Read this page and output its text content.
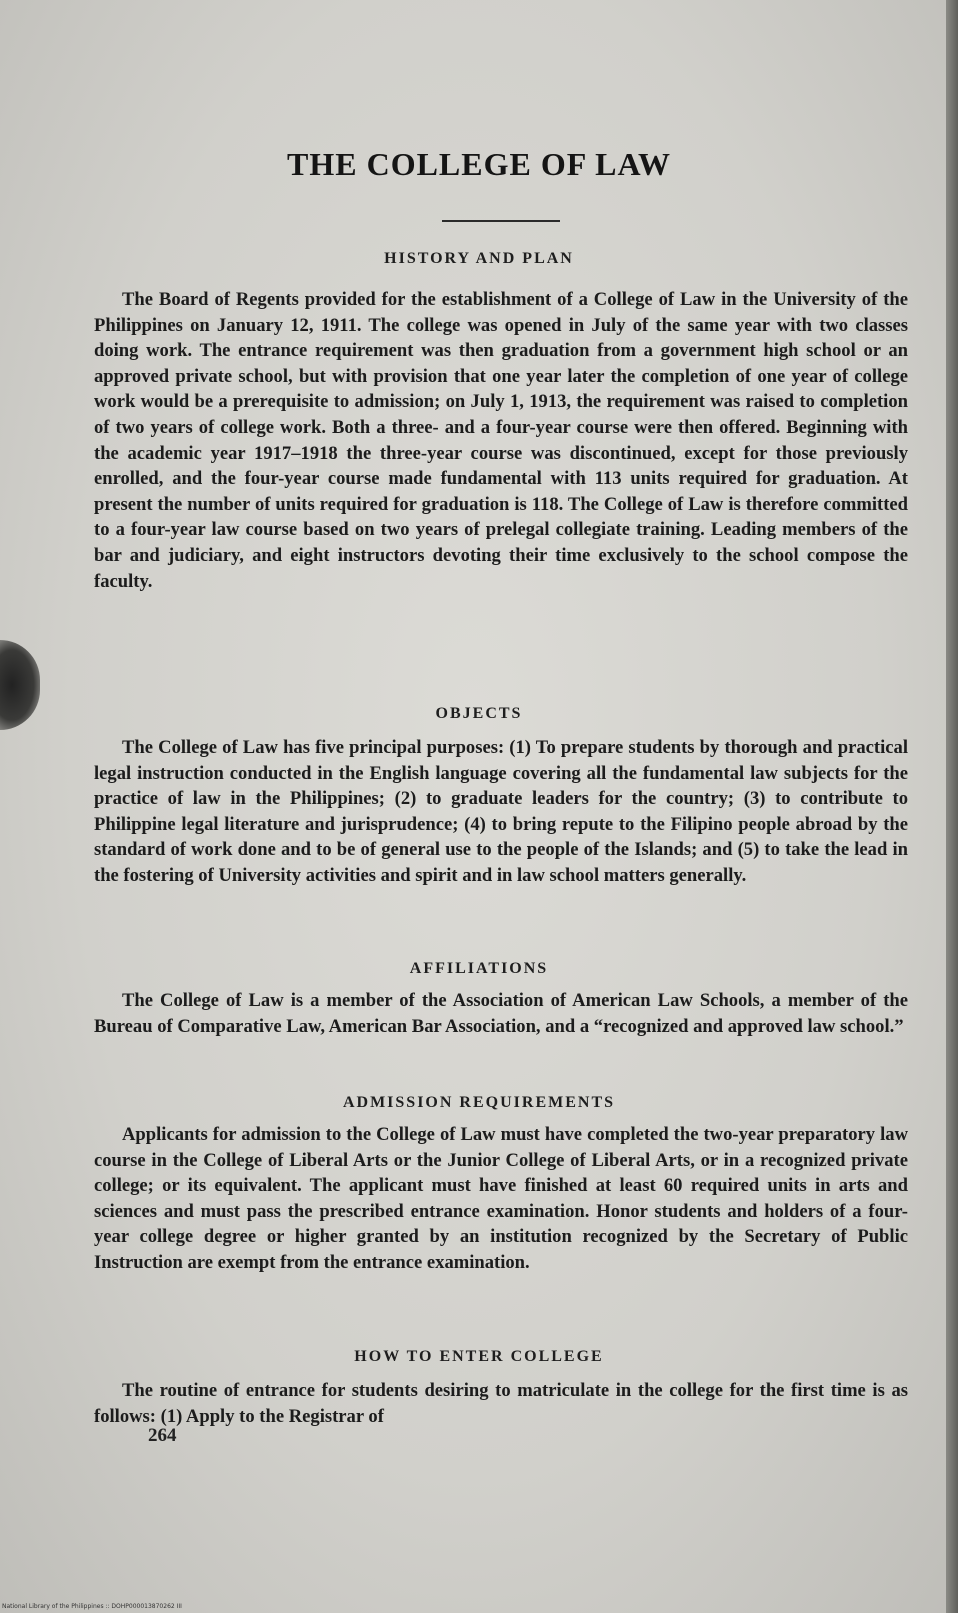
THE COLLEGE OF LAW
HISTORY AND PLAN

The Board of Regents provided for the establishment of a College of Law in the University of the Philippines on January 12, 1911. The college was opened in July of the same year with two classes doing work. The entrance requirement was then graduation from a government high school or an approved private school, but with provision that one year later the completion of one year of college work would be a prerequisite to admission; on July 1, 1913, the requirement was raised to completion of two years of college work. Both a three- and a four-year course were then offered. Beginning with the academic year 1917–1918 the three-year course was discontinued, except for those previously enrolled, and the four-year course made fundamental with 113 units required for graduation. At present the number of units required for graduation is 118. The College of Law is therefore committed to a four-year law course based on two years of prelegal collegiate training. Leading members of the bar and judiciary, and eight instructors devoting their time exclusively to the school compose the faculty.

OBJECTS

The College of Law has five principal purposes: (1) To prepare students by thorough and practical legal instruction conducted in the English language covering all the fundamental law subjects for the practice of law in the Philippines; (2) to graduate leaders for the country; (3) to contribute to Philippine legal literature and jurisprudence; (4) to bring repute to the Filipino people abroad by the standard of work done and to be of general use to the people of the Islands; and (5) to take the lead in the fostering of University activities and spirit and in law school matters generally.

AFFILIATIONS

The College of Law is a member of the Association of American Law Schools, a member of the Bureau of Comparative Law, American Bar Association, and a “recognized and approved law school.”

ADMISSION REQUIREMENTS

Applicants for admission to the College of Law must have completed the two-year preparatory law course in the College of Liberal Arts or the Junior College of Liberal Arts, or in a recognized private college; or its equivalent. The applicant must have finished at least 60 required units in arts and sciences and must pass the prescribed entrance examination. Honor students and holders of a four-year college degree or higher granted by an institution recognized by the Secretary of Public Instruction are exempt from the entrance examination.

HOW TO ENTER COLLEGE

The routine of entrance for students desiring to matriculate in the college for the first time is as follows: (1) Apply to the Registrar of

264
National Library of the Philippines :: DOHP000013870262 III
